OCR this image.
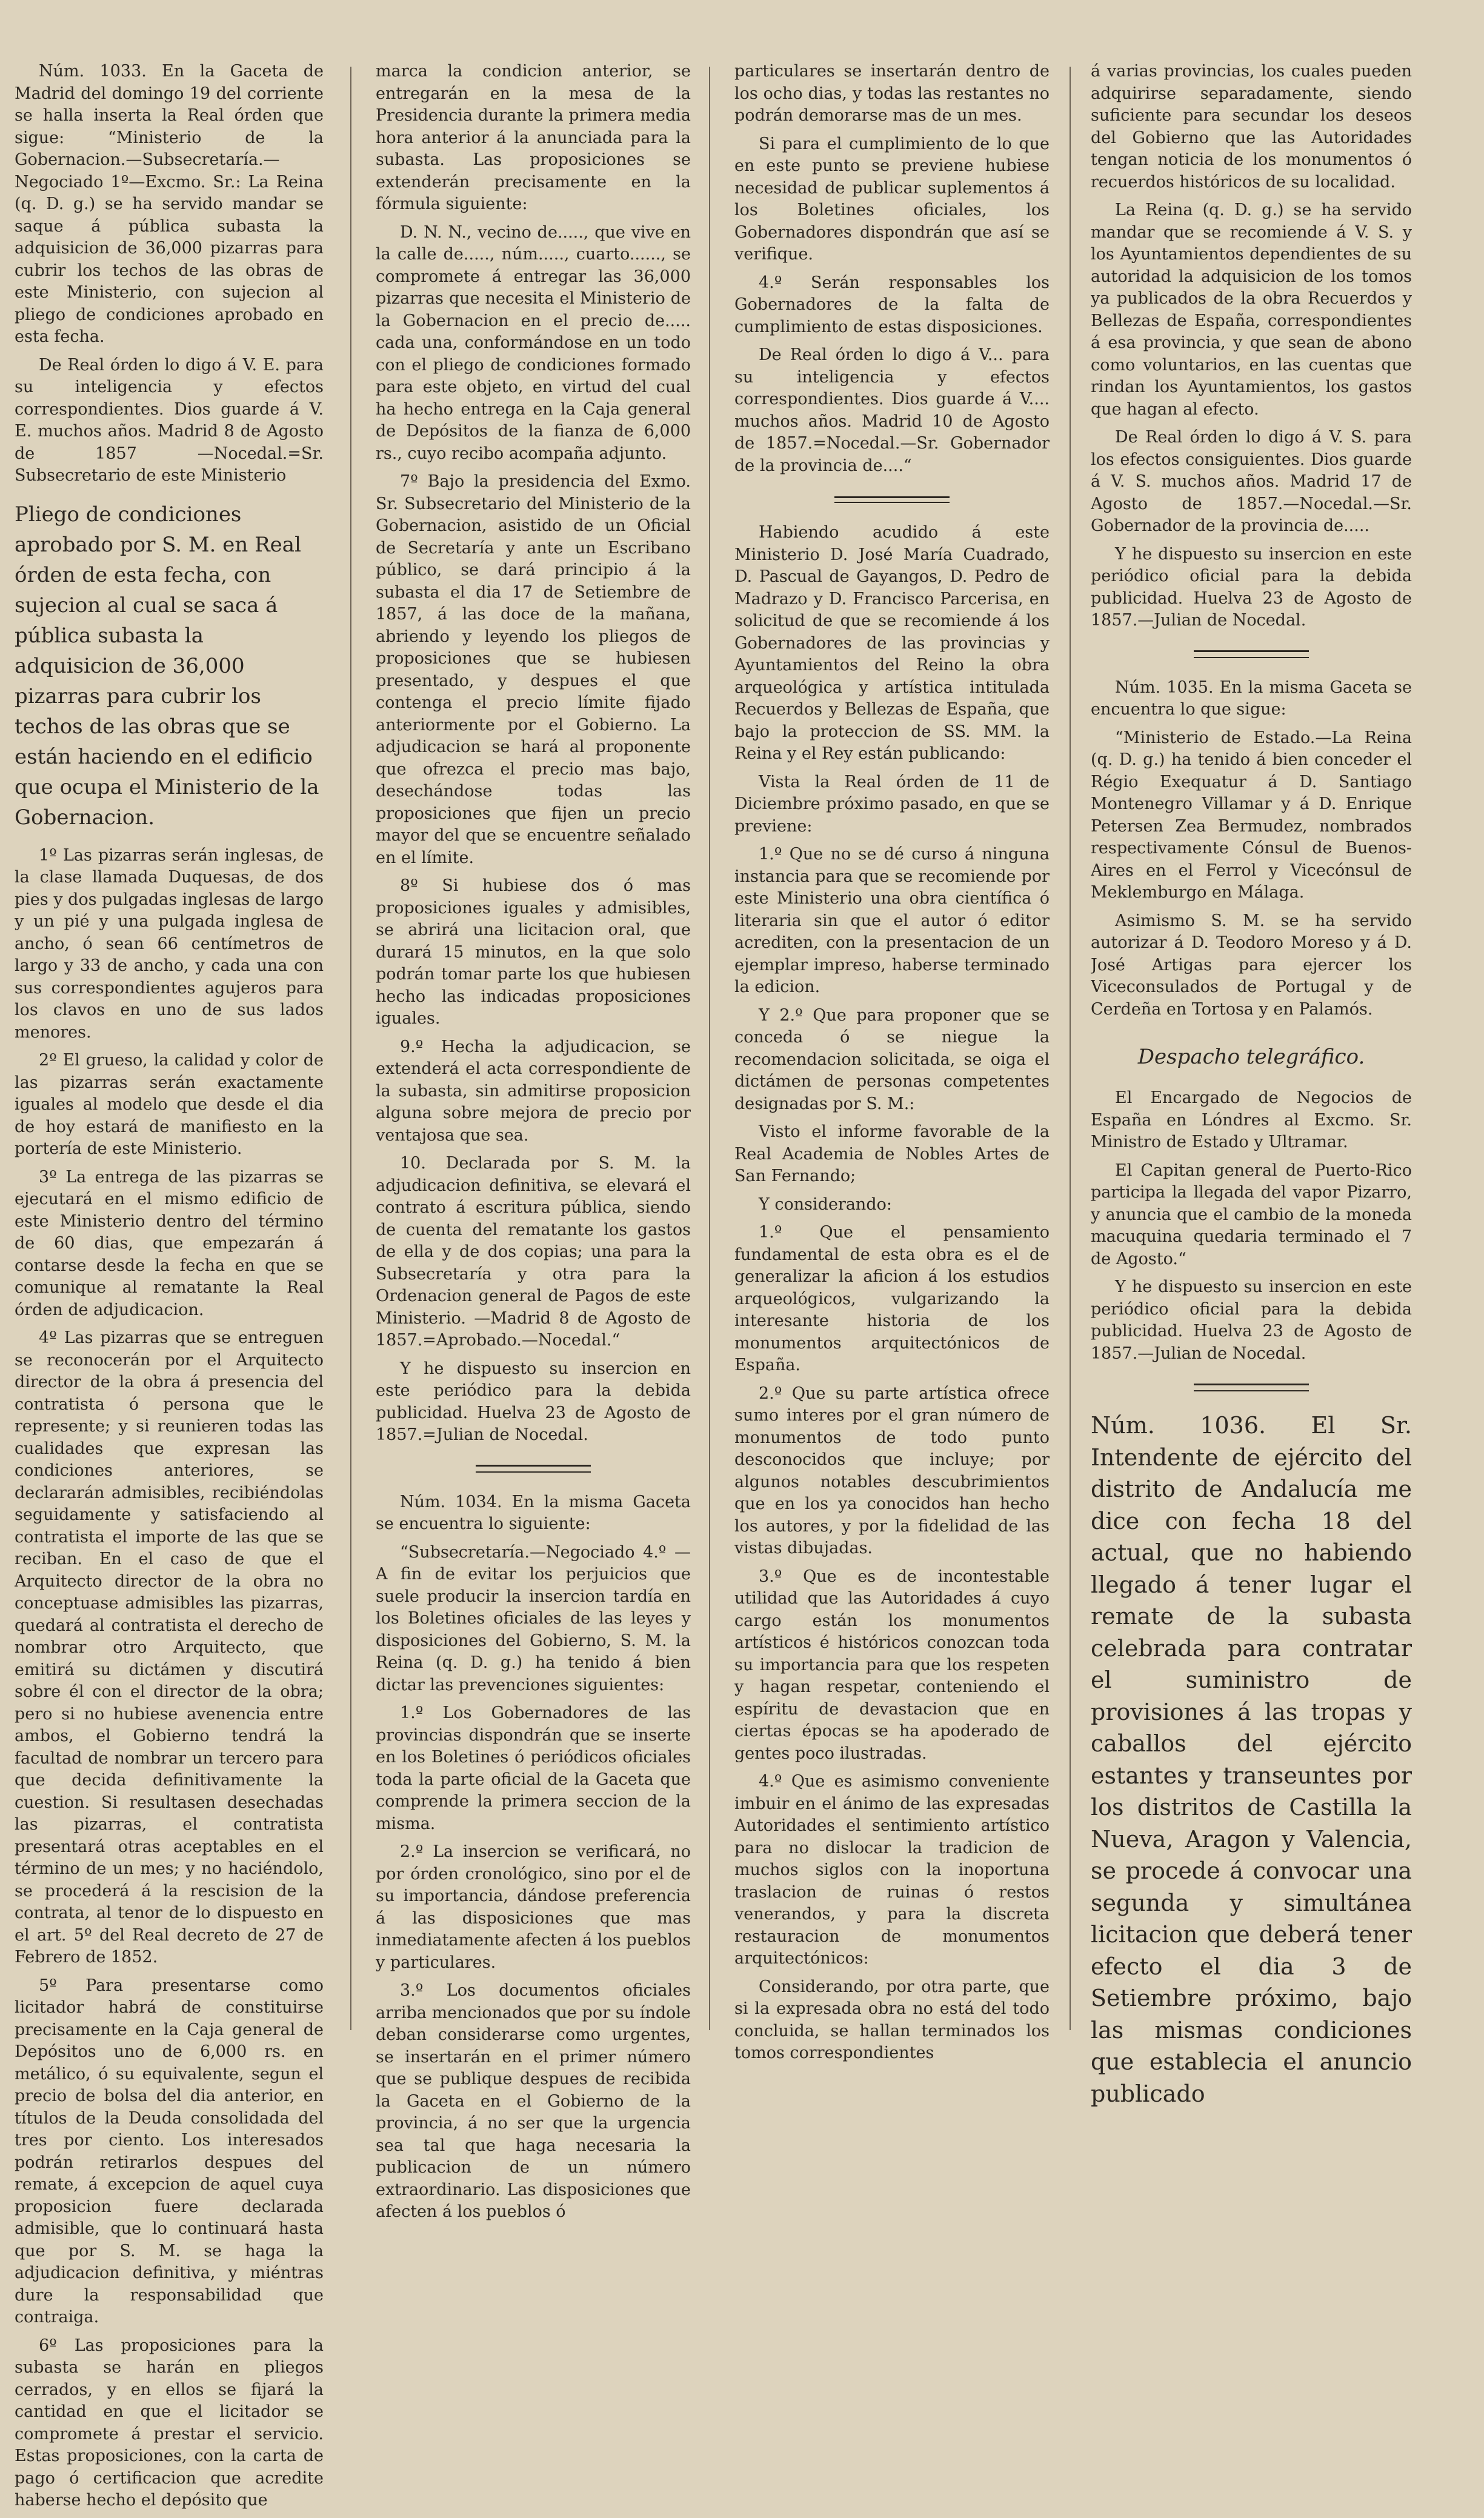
Núm. 1033. En la Gaceta de Madrid del domingo 19 del corriente se halla inserta la Real órden que sigue: “Ministerio de la Gobernacion.—Subsecretaría.—Negociado 1º—Excmo. Sr.: La Reina (q. D. g.) se ha servido mandar se saque á pública subasta la adquisicion de 36,000 pizarras para cubrir los techos de las obras de este Ministerio, con sujecion al pliego de condiciones aprobado en esta fecha.

De Real órden lo digo á V. E. para su inteligencia y efectos correspondientes. Dios guarde á V. E. muchos años. Madrid 8 de Agosto de 1857 —Nocedal.=Sr. Subsecretario de este Ministerio

Pliego de condiciones aprobado por S. M. en Real órden de esta fecha, con sujecion al cual se saca á pública subasta la adquisicion de 36,000 pizarras para cubrir los techos de las obras que se están haciendo en el edificio que ocupa el Ministerio de la Gobernacion.

1º Las pizarras serán inglesas, de la clase llamada Duquesas, de dos pies y dos pulgadas inglesas de largo y un pié y una pulgada inglesa de ancho, ó sean 66 centímetros de largo y 33 de ancho, y cada una con sus correspondientes agujeros para los clavos en uno de sus lados menores.

2º El grueso, la calidad y color de las pizarras serán exactamente iguales al modelo que desde el dia de hoy estará de manifiesto en la portería de este Ministerio.

3º La entrega de las pizarras se ejecutará en el mismo edificio de este Ministerio dentro del término de 60 dias, que empezarán á contarse desde la fecha en que se comunique al rematante la Real órden de adjudicacion.

4º Las pizarras que se entreguen se reconocerán por el Arquitecto director de la obra á presencia del contratista ó persona que le represente; y si reunieren todas las cualidades que expresan las condiciones anteriores, se declararán admisibles, recibiéndolas seguidamente y satisfaciendo al contratista el importe de las que se reciban. En el caso de que el Arquitecto director de la obra no conceptuase admisibles las pizarras, quedará al contratista el derecho de nombrar otro Arquitecto, que emitirá su dictámen y discutirá sobre él con el director de la obra; pero si no hubiese avenencia entre ambos, el Gobierno tendrá la facultad de nombrar un tercero para que decida definitivamente la cuestion. Si resultasen desechadas las pizarras, el contratista presentará otras aceptables en el término de un mes; y no haciéndolo, se procederá á la rescision de la contrata, al tenor de lo dispuesto en el art. 5º del Real decreto de 27 de Febrero de 1852.

5º Para presentarse como licitador habrá de constituirse precisamente en la Caja general de Depósitos uno de 6,000 rs. en metálico, ó su equivalente, segun el precio de bolsa del dia anterior, en títulos de la Deuda consolidada del tres por ciento. Los interesados podrán retirarlos despues del remate, á excepcion de aquel cuya proposicion fuere declarada admisible, que lo continuará hasta que por S. M. se haga la adjudicacion definitiva, y miéntras dure la responsabilidad que contraiga.

6º Las proposiciones para la subasta se harán en pliegos cerrados, y en ellos se fijará la cantidad en que el licitador se compromete á prestar el servicio. Estas proposiciones, con la carta de pago ó certificacion que acredite haberse hecho el depósito que

marca la condicion anterior, se entregarán en la mesa de la Presidencia durante la primera media hora anterior á la anunciada para la subasta. Las proposiciones se extenderán precisamente en la fórmula siguiente:

D. N. N., vecino de....., que vive en la calle de....., núm....., cuarto......, se compromete á entregar las 36,000 pizarras que necesita el Ministerio de la Gobernacion en el precio de..... cada una, conformándose en un todo con el pliego de condiciones formado para este objeto, en virtud del cual ha hecho entrega en la Caja general de Depósitos de la fianza de 6,000 rs., cuyo recibo acompaña adjunto.

7º Bajo la presidencia del Exmo. Sr. Subsecretario del Ministerio de la Gobernacion, asistido de un Oficial de Secretaría y ante un Escribano público, se dará principio á la subasta el dia 17 de Setiembre de 1857, á las doce de la mañana, abriendo y leyendo los pliegos de proposiciones que se hubiesen presentado, y despues el que contenga el precio límite fijado anteriormente por el Gobierno. La adjudicacion se hará al proponente que ofrezca el precio mas bajo, desechándose todas las proposiciones que fijen un precio mayor del que se encuentre señalado en el límite.

8º Si hubiese dos ó mas proposiciones iguales y admisibles, se abrirá una licitacion oral, que durará 15 minutos, en la que solo podrán tomar parte los que hubiesen hecho las indicadas proposiciones iguales.

9.º Hecha la adjudicacion, se extenderá el acta correspondiente de la subasta, sin admitirse proposicion alguna sobre mejora de precio por ventajosa que sea.

10. Declarada por S. M. la adjudicacion definitiva, se elevará el contrato á escritura pública, siendo de cuenta del rematante los gastos de ella y de dos copias; una para la Subsecretaría y otra para la Ordenacion general de Pagos de este Ministerio. —Madrid 8 de Agosto de 1857.=Aprobado.—Nocedal.“

Y he dispuesto su insercion en este periódico para la debida publicidad. Huelva 23 de Agosto de 1857.=Julian de Nocedal.

Núm. 1034. En la misma Gaceta se encuentra lo siguiente:

“Subsecretaría.—Negociado 4.º —A fin de evitar los perjuicios que suele producir la insercion tardía en los Boletines oficiales de las leyes y disposiciones del Gobierno, S. M. la Reina (q. D. g.) ha tenido á bien dictar las prevenciones siguientes:

1.º Los Gobernadores de las provincias dispondrán que se inserte en los Boletines ó periódicos oficiales toda la parte oficial de la Gaceta que comprende la primera seccion de la misma.

2.º La insercion se verificará, no por órden cronológico, sino por el de su importancia, dándose preferencia á las disposiciones que mas inmediatamente afecten á los pueblos y particulares.

3.º Los documentos oficiales arriba mencionados que por su índole deban considerarse como urgentes, se insertarán en el primer número que se publique despues de recibida la Gaceta en el Gobierno de la provincia, á no ser que la urgencia sea tal que haga necesaria la publicacion de un número extraordinario. Las disposiciones que afecten á los pueblos ó

particulares se insertarán dentro de los ocho dias, y todas las restantes no podrán demorarse mas de un mes.

Si para el cumplimiento de lo que en este punto se previene hubiese necesidad de publicar suplementos á los Boletines oficiales, los Gobernadores dispondrán que así se verifique.

4.º Serán responsables los Gobernadores de la falta de cumplimiento de estas disposiciones.

De Real órden lo digo á V... para su inteligencia y efectos correspondientes. Dios guarde á V.... muchos años. Madrid 10 de Agosto de 1857.=Nocedal.—Sr. Gobernador de la provincia de....“

Habiendo acudido á este Ministerio D. José María Cuadrado, D. Pascual de Gayangos, D. Pedro de Madrazo y D. Francisco Parcerisa, en solicitud de que se recomiende á los Gobernadores de las provincias y Ayuntamientos del Reino la obra arqueológica y artística intitulada Recuerdos y Bellezas de España, que bajo la proteccion de SS. MM. la Reina y el Rey están publicando:

Vista la Real órden de 11 de Diciembre próximo pasado, en que se previene:

1.º Que no se dé curso á ninguna instancia para que se recomiende por este Ministerio una obra científica ó literaria sin que el autor ó editor acrediten, con la presentacion de un ejemplar impreso, haberse terminado la edicion.

Y 2.º Que para proponer que se conceda ó se niegue la recomendacion solicitada, se oiga el dictámen de personas competentes designadas por S. M.:

Visto el informe favorable de la Real Academia de Nobles Artes de San Fernando;

Y considerando:

1.º Que el pensamiento fundamental de esta obra es el de generalizar la aficion á los estudios arqueológicos, vulgarizando la interesante historia de los monumentos arquitectónicos de España.

2.º Que su parte artística ofrece sumo interes por el gran número de monumentos de todo punto desconocidos que incluye; por algunos notables descubrimientos que en los ya conocidos han hecho los autores, y por la fidelidad de las vistas dibujadas.

3.º Que es de incontestable utilidad que las Autoridades á cuyo cargo están los monumentos artísticos é históricos conozcan toda su importancia para que los respeten y hagan respetar, conteniendo el espíritu de devastacion que en ciertas épocas se ha apoderado de gentes poco ilustradas.

4.º Que es asimismo conveniente imbuir en el ánimo de las expresadas Autoridades el sentimiento artístico para no dislocar la tradicion de muchos siglos con la inoportuna traslacion de ruinas ó restos venerandos, y para la discreta restauracion de monumentos arquitectónicos:

Considerando, por otra parte, que si la expresada obra no está del todo concluida, se hallan terminados los tomos correspondientes

á varias provincias, los cuales pueden adquirirse separadamente, siendo suficiente para secundar los deseos del Gobierno que las Autoridades tengan noticia de los monumentos ó recuerdos históricos de su localidad.

La Reina (q. D. g.) se ha servido mandar que se recomiende á V. S. y los Ayuntamientos dependientes de su autoridad la adquisicion de los tomos ya publicados de la obra Recuerdos y Bellezas de España, correspondientes á esa provincia, y que sean de abono como voluntarios, en las cuentas que rindan los Ayuntamientos, los gastos que hagan al efecto.

De Real órden lo digo á V. S. para los efectos consiguientes. Dios guarde á V. S. muchos años. Madrid 17 de Agosto de 1857.—Nocedal.—Sr. Gobernador de la provincia de.....

Y he dispuesto su insercion en este periódico oficial para la debida publicidad. Huelva 23 de Agosto de 1857.—Julian de Nocedal.

Núm. 1035. En la misma Gaceta se encuentra lo que sigue:

“Ministerio de Estado.—La Reina (q. D. g.) ha tenido á bien conceder el Régio Exequatur á D. Santiago Montenegro Villamar y á D. Enrique Petersen Zea Bermudez, nombrados respectivamente Cónsul de Buenos-Aires en el Ferrol y Vicecónsul de Meklemburgo en Málaga.

Asimismo S. M. se ha servido autorizar á D. Teodoro Moreso y á D. José Artigas para ejercer los Viceconsulados de Portugal y de Cerdeña en Tortosa y en Palamós.

Despacho telegráfico.

El Encargado de Negocios de España en Lóndres al Excmo. Sr. Ministro de Estado y Ultramar.

El Capitan general de Puerto-Rico participa la llegada del vapor Pizarro, y anuncia que el cambio de la moneda macuquina quedaria terminado el 7 de Agosto.“

Y he dispuesto su insercion en este periódico oficial para la debida publicidad. Huelva 23 de Agosto de 1857.—Julian de Nocedal.

Núm. 1036. El Sr. Intendente de ejército del distrito de Andalucía me dice con fecha 18 del actual, que no habiendo llegado á tener lugar el remate de la subasta celebrada para contratar el suministro de provisiones á las tropas y caballos del ejército estantes y transeuntes por los distritos de Castilla la Nueva, Aragon y Valencia, se procede á convocar una segunda y simultánea licitacion que deberá tener efecto el dia 3 de Setiembre próximo, bajo las mismas condiciones que establecia el anuncio publicado
